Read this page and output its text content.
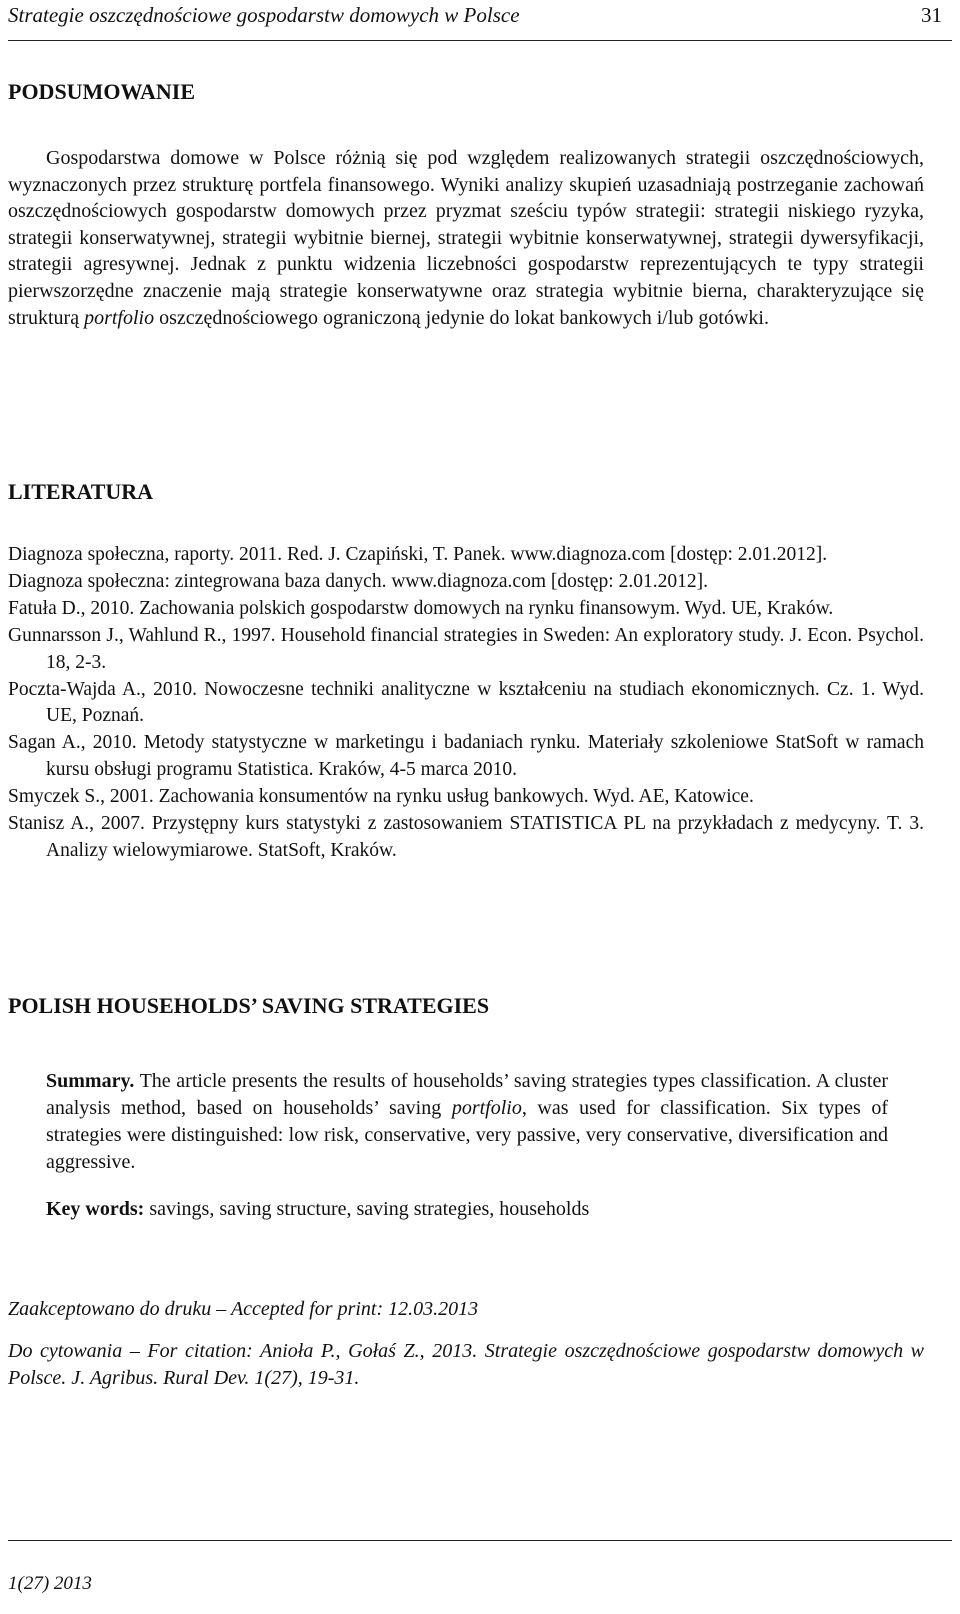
Strategie oszczędnościowe gospodarstw domowych w Polsce	31
PODSUMOWANIE
Gospodarstwa domowe w Polsce różnią się pod względem realizowanych strategii oszczędnościowych, wyznaczonych przez strukturę portfela finansowego. Wyniki analizy skupień uzasadniają postrzeganie zachowań oszczędnościowych gospodarstw domowych przez pryzmat sześciu typów strategii: strategii niskiego ryzyka, strategii konserwatywnej, strategii wybitnie biernej, strategii wybitnie konserwatywnej, strategii dywersyfikacji, strategii agresywnej. Jednak z punktu widzenia liczebności gospodarstw reprezentujących te typy strategii pierwszorzędne znaczenie mają strategie konserwatywne oraz strategia wybitnie bierna, charakteryzujące się strukturą portfolio oszczędnościowego ograniczoną jedynie do lokat bankowych i/lub gotówki.
LITERATURA
Diagnoza społeczna, raporty. 2011. Red. J. Czapiński, T. Panek. www.diagnoza.com [dostęp: 2.01.2012].
Diagnoza społeczna: zintegrowana baza danych. www.diagnoza.com [dostęp: 2.01.2012].
Fatuła D., 2010. Zachowania polskich gospodarstw domowych na rynku finansowym. Wyd. UE, Kraków.
Gunnarsson J., Wahlund R., 1997. Household financial strategies in Sweden: An exploratory study. J. Econ. Psychol. 18, 2-3.
Poczta-Wajda A., 2010. Nowoczesne techniki analityczne w kształceniu na studiach ekonomicznych. Cz. 1. Wyd. UE, Poznań.
Sagan A., 2010. Metody statystyczne w marketingu i badaniach rynku. Materiały szkoleniowe StatSoft w ramach kursu obsługi programu Statistica. Kraków, 4-5 marca 2010.
Smyczek S., 2001. Zachowania konsumentów na rynku usług bankowych. Wyd. AE, Katowice.
Stanisz A., 2007. Przystępny kurs statystyki z zastosowaniem STATISTICA PL na przykładach z medycyny. T. 3. Analizy wielowymiarowe. StatSoft, Kraków.
POLISH HOUSEHOLDS’ SAVING STRATEGIES
Summary. The article presents the results of households’ saving strategies types classification. A cluster analysis method, based on households’ saving portfolio, was used for classification. Six types of strategies were distinguished: low risk, conservative, very passive, very conservative, diversification and aggressive.
Key words: savings, saving structure, saving strategies, households
Zaakceptowano do druku – Accepted for print: 12.03.2013
Do cytowania – For citation: Anioła P., Gołaś Z., 2013. Strategie oszczędnościowe gospodarstw domowych w Polsce. J. Agribus. Rural Dev. 1(27), 19-31.
1(27) 2013
